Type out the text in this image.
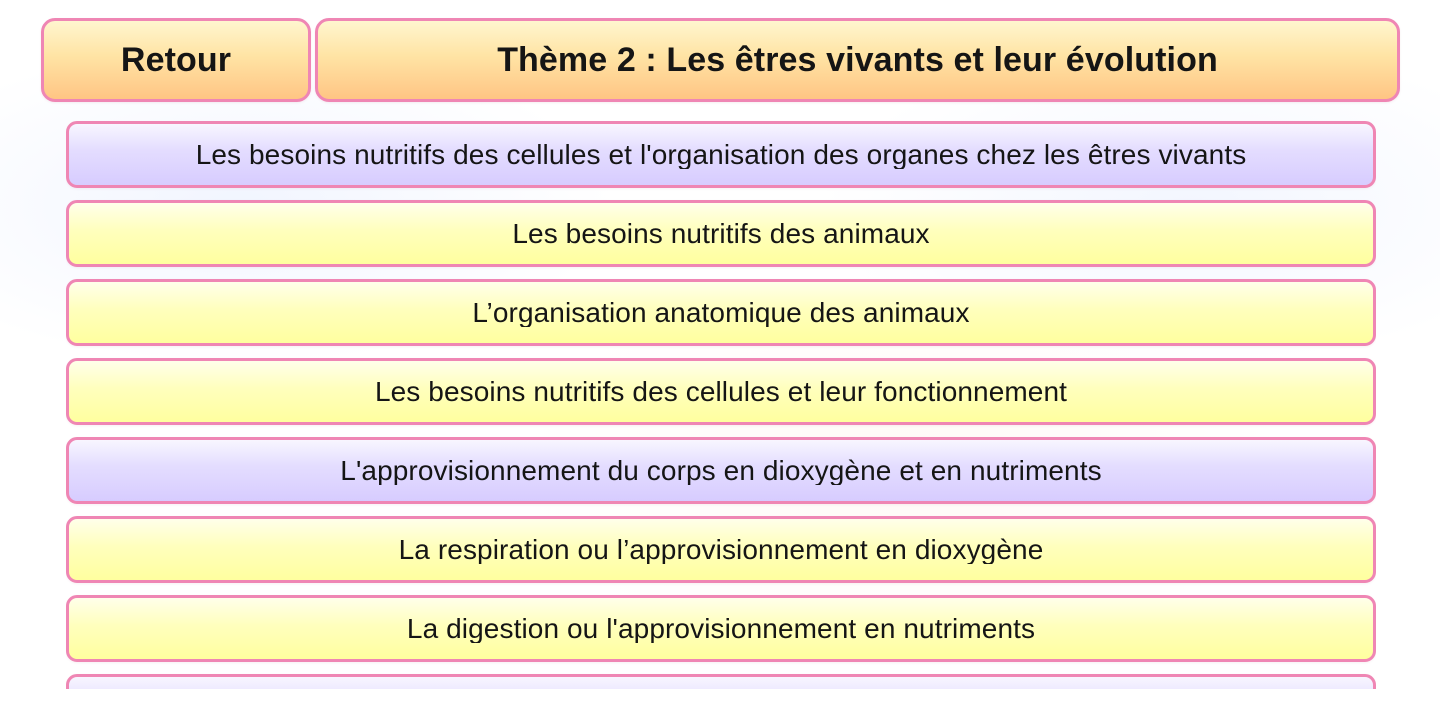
Retour	Thème 2 : Les êtres vivants et leur évolution
Les besoins nutritifs des cellules et l'organisation des organes chez les êtres vivants
Les besoins nutritifs des animaux
L’organisation anatomique des animaux
Les besoins nutritifs des cellules et leur fonctionnement
L'approvisionnement du corps en dioxygène et en nutriments
La respiration ou l’approvisionnement en dioxygène
La digestion ou l'approvisionnement en nutriments
